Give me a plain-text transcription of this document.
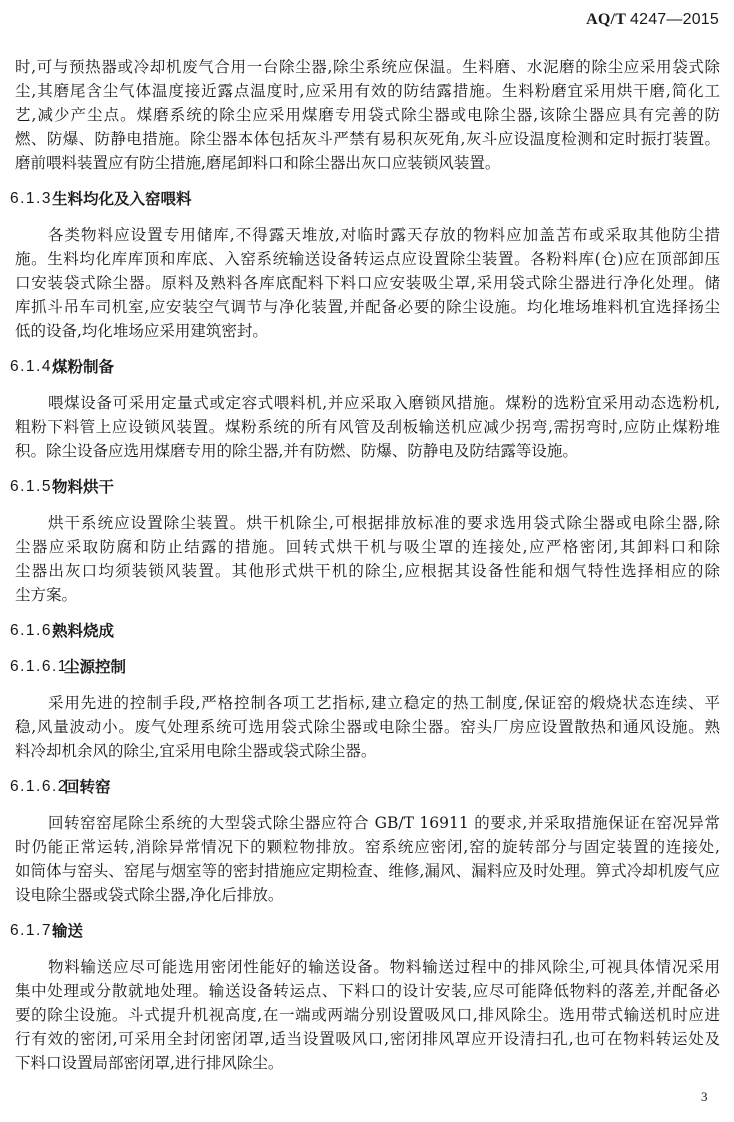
AQ/T 4247—2015
时,可与预热器或冷却机废气合用一台除尘器,除尘系统应保温。生料磨、水泥磨的除尘应采用袋式除
尘,其磨尾含尘气体温度接近露点温度时,应采用有效的防结露措施。生料粉磨宜采用烘干磨,简化工
艺,减少产尘点。煤磨系统的除尘应采用煤磨专用袋式除尘器或电除尘器,该除尘器应具有完善的防
燃、防爆、防静电措施。除尘器本体包括灰斗严禁有易积灰死角,灰斗应设温度检测和定时振打装置。
磨前喂料装置应有防尘措施,磨尾卸料口和除尘器出灰口应装锁风装置。
6.1.3 生料均化及入窑喂料
各类物料应设置专用储库,不得露天堆放,对临时露天存放的物料应加盖苫布或采取其他防尘措
施。生料均化库库顶和库底、入窑系统输送设备转运点应设置除尘装置。各粉料库(仓)应在顶部卸压
口安装袋式除尘器。原料及熟料各库底配料下料口应安装吸尘罩,采用袋式除尘器进行净化处理。储
库抓斗吊车司机室,应安装空气调节与净化装置,并配备必要的除尘设施。均化堆场堆料机宜选择扬尘
低的设备,均化堆场应采用建筑密封。
6.1.4 煤粉制备
喂煤设备可采用定量式或定容式喂料机,并应采取入磨锁风措施。煤粉的选粉宜采用动态选粉机,
粗粉下料管上应设锁风装置。煤粉系统的所有风管及刮板输送机应减少拐弯,需拐弯时,应防止煤粉堆
积。除尘设备应选用煤磨专用的除尘器,并有防燃、防爆、防静电及防结露等设施。
6.1.5 物料烘干
烘干系统应设置除尘装置。烘干机除尘,可根据排放标准的要求选用袋式除尘器或电除尘器,除
尘器应采取防腐和防止结露的措施。回转式烘干机与吸尘罩的连接处,应严格密闭,其卸料口和除
尘器出灰口均须装锁风装置。其他形式烘干机的除尘,应根据其设备性能和烟气特性选择相应的除
尘方案。
6.1.6 熟料烧成
6.1.6.1
尘源控制
采用先进的控制手段,严格控制各项工艺指标,建立稳定的热工制度,保证窑的煅烧状态连续、平
稳,风量波动小。废气处理系统可选用袋式除尘器或电除尘器。窑头厂房应设置散热和通风设施。熟
料冷却机余风的除尘,宜采用电除尘器或袋式除尘器。
6.1.6.2
回转窑
回转窑窑尾除尘系统的大型袋式除尘器应符合 GB/T 16911 的要求,并采取措施保证在窑况异常
时仍能正常运转,消除异常情况下的颗粒物排放。窑系统应密闭,窑的旋转部分与固定装置的连接处,
如筒体与窑头、窑尾与烟室等的密封措施应定期检查、维修,漏风、漏料应及时处理。箅式冷却机废气应
设电除尘器或袋式除尘器,净化后排放。
6.1.7 输送
物料输送应尽可能选用密闭性能好的输送设备。物料输送过程中的排风除尘,可视具体情况采用
集中处理或分散就地处理。输送设备转运点、下料口的设计安装,应尽可能降低物料的落差,并配备必
要的除尘设施。斗式提升机视高度,在一端或两端分别设置吸风口,排风除尘。选用带式输送机时应进
行有效的密闭,可采用全封闭密闭罩,适当设置吸风口,密闭排风罩应开设清扫孔,也可在物料转运处及
下料口设置局部密闭罩,进行排风除尘。
3
